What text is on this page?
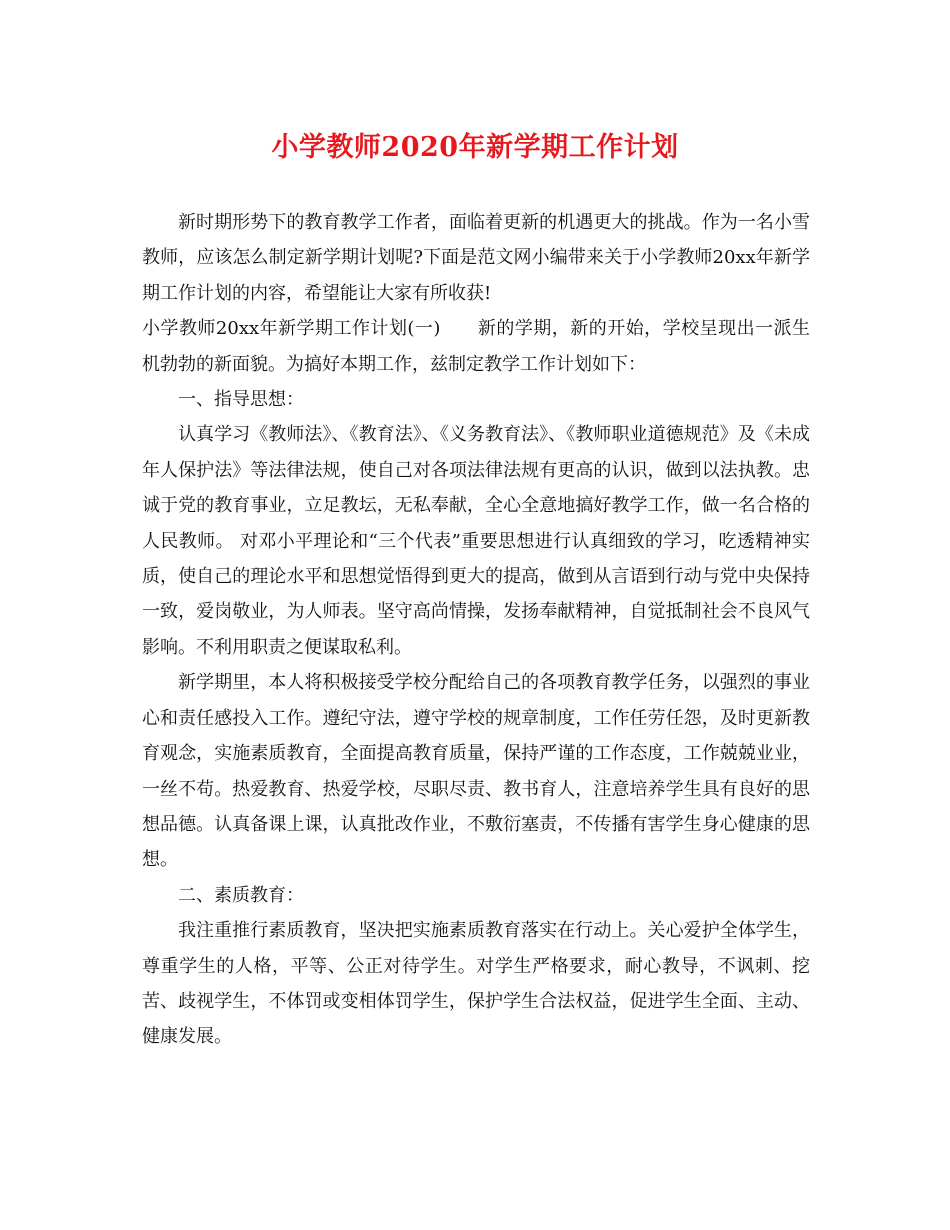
小学教师2020年新学期工作计划

新时期形势下的教育教学工作者，面临着更新的机遇更大的挑战。作为一名小雪教师，应该怎么制定新学期计划呢?下面是范文网小编带来关于小学教师20xx年新学期工作计划的内容，希望能让大家有所收获!

小学教师20xx年新学期工作计划(一)　　新的学期，新的开始，学校呈现出一派生机勃勃的新面貌。为搞好本期工作，兹制定教学工作计划如下：

一、指导思想：

认真学习《教师法》、《教育法》、《义务教育法》、《教师职业道德规范》及《未成年人保护法》等法律法规，使自己对各项法律法规有更高的认识，做到以法执教。忠诚于党的教育事业，立足教坛，无私奉献，全心全意地搞好教学工作，做一名合格的人民教师。 对邓小平理论和“三个代表”重要思想进行认真细致的学习，吃透精神实质，使自己的理论水平和思想觉悟得到更大的提高，做到从言语到行动与党中央保持一致，爱岗敬业，为人师表。坚守高尚情操，发扬奉献精神，自觉抵制社会不良风气影响。不利用职责之便谋取私利。

新学期里，本人将积极接受学校分配给自己的各项教育教学任务，以强烈的事业心和责任感投入工作。遵纪守法，遵守学校的规章制度，工作任劳任怨，及时更新教育观念，实施素质教育，全面提高教育质量，保持严谨的工作态度，工作兢兢业业，一丝不苟。热爱教育、热爱学校，尽职尽责、教书育人，注意培养学生具有良好的思想品德。认真备课上课，认真批改作业，不敷衍塞责，不传播有害学生身心健康的思想。

二、素质教育：

我注重推行素质教育，坚决把实施素质教育落实在行动上。关心爱护全体学生，尊重学生的人格，平等、公正对待学生。对学生严格要求，耐心教导，不讽刺、挖苦、歧视学生，不体罚或变相体罚学生，保护学生合法权益，促进学生全面、主动、健康发展。
